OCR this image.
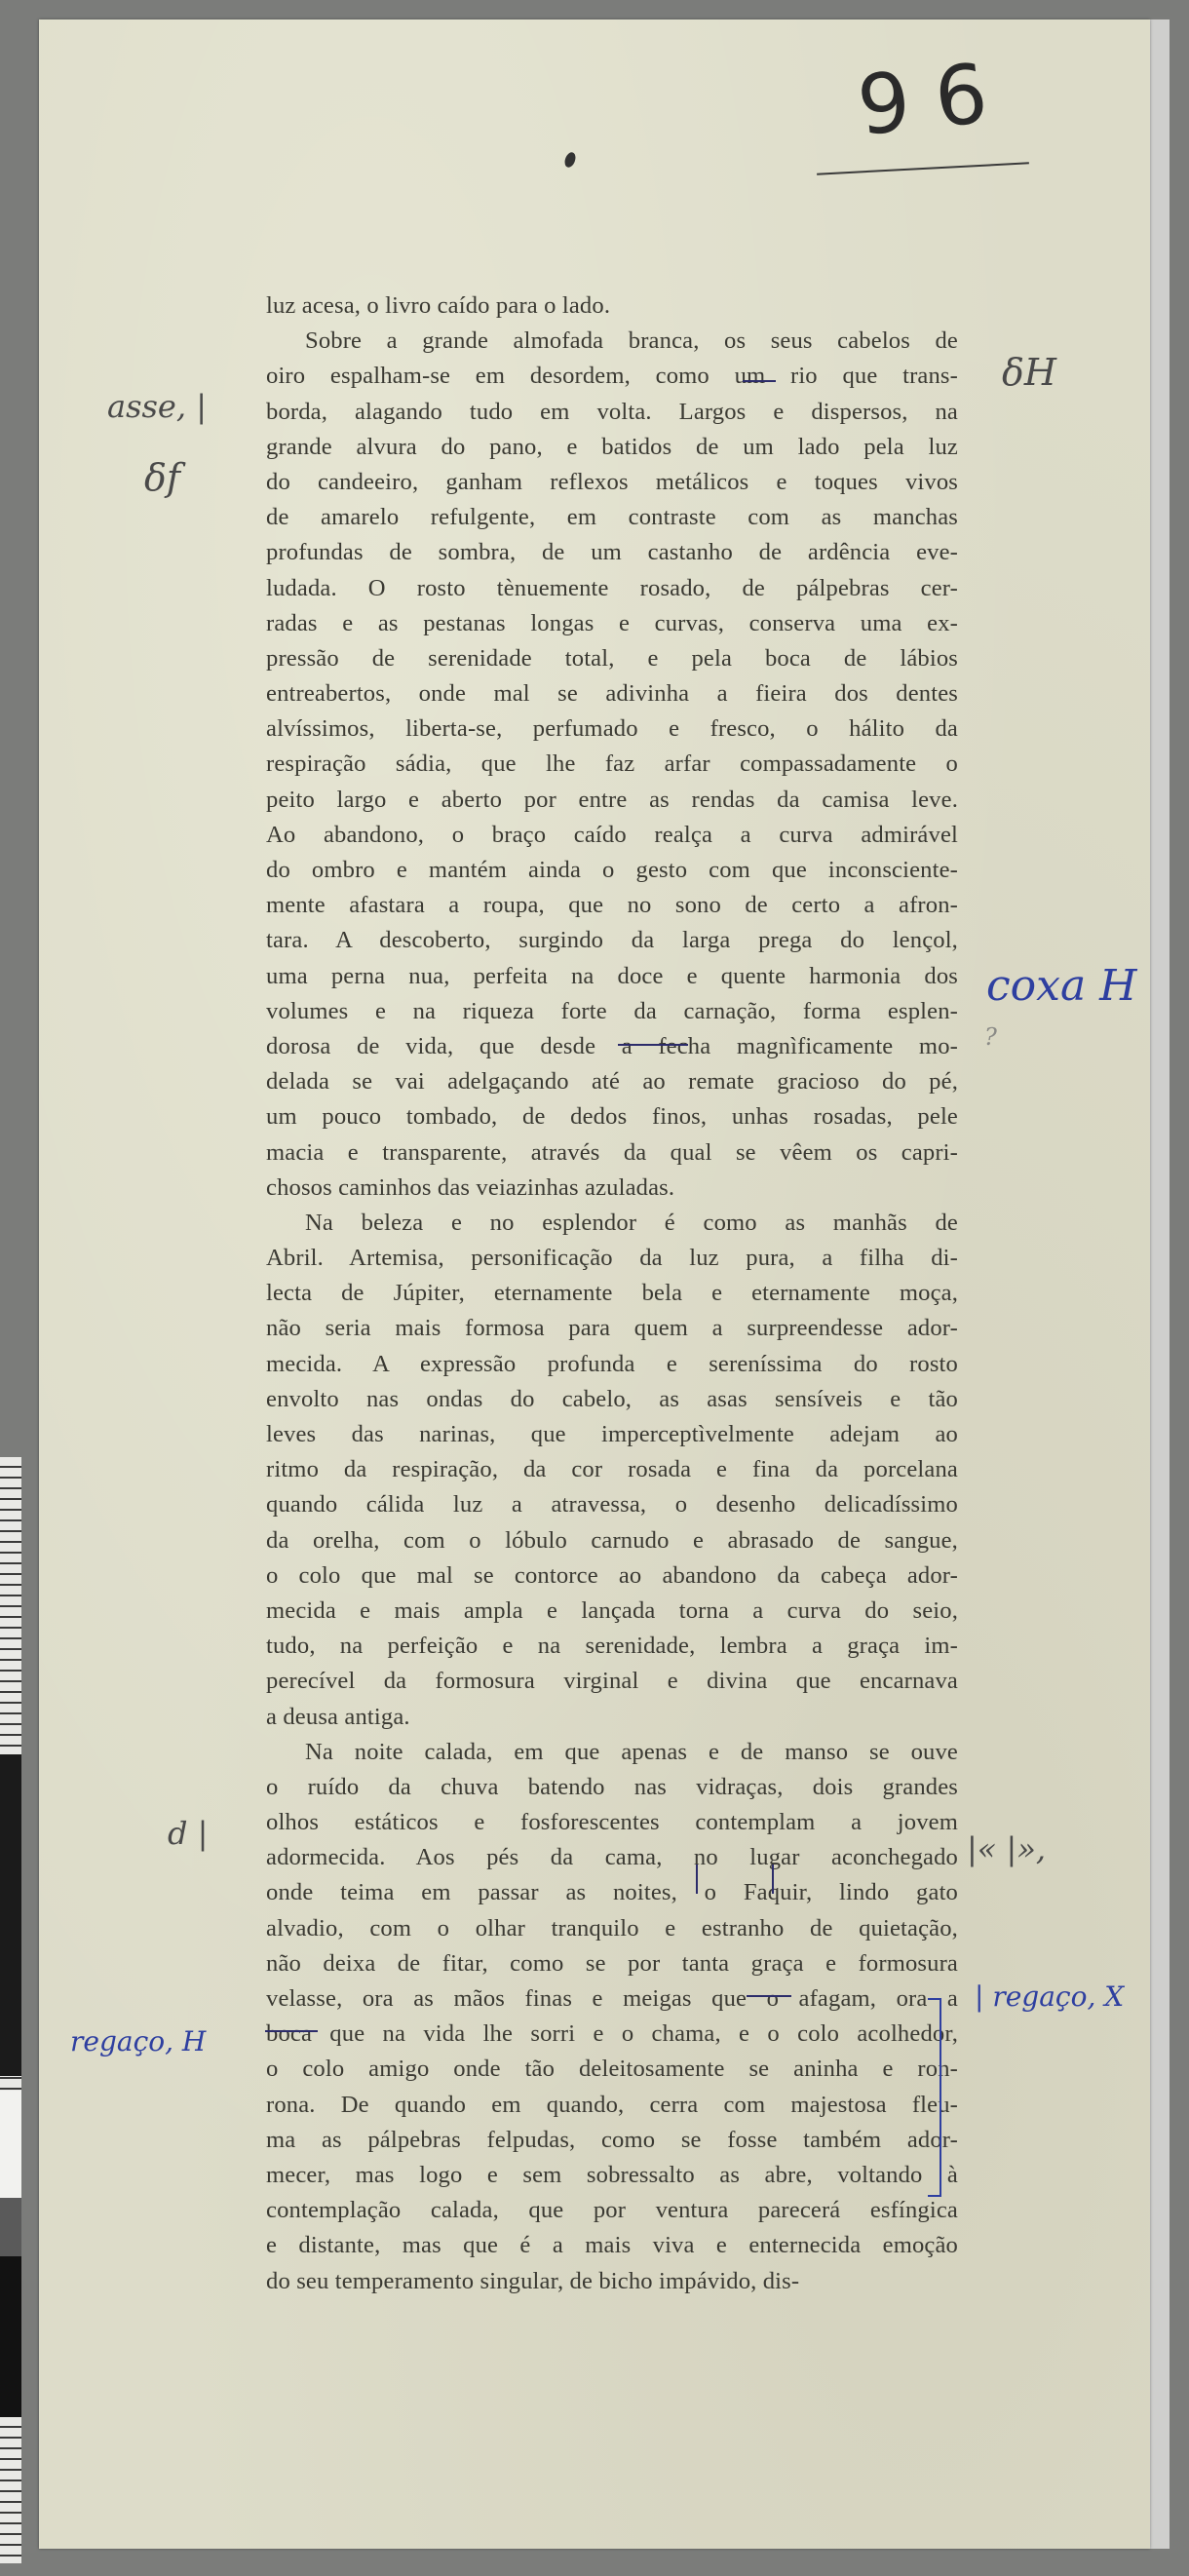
96
luz acesa, o livro caído para o lado.
Sobre a grande almofada branca, os seus cabelos de
oiro espalham-se em desordem, como um rio que trans-
borda, alagando tudo em volta. Largos e dispersos, na
grande alvura do pano, e batidos de um lado pela luz
do candeeiro, ganham reflexos metálicos e toques vivos
de amarelo refulgente, em contraste com as manchas
profundas de sombra, de um castanho de ardência eve-
ludada. O rosto tènuemente rosado, de pálpebras cer-
radas e as pestanas longas e curvas, conserva uma ex-
pressão de serenidade total, e pela boca de lábios
entreabertos, onde mal se adivinha a fieira dos dentes
alvíssimos, liberta-se, perfumado e fresco, o hálito da
respiração sádia, que lhe faz arfar compassadamente o
peito largo e aberto por entre as rendas da camisa leve.
Ao abandono, o braço caído realça a curva admirável
do ombro e mantém ainda o gesto com que inconsciente-
mente afastara a roupa, que no sono de certo a afron-
tara. A descoberto, surgindo da larga prega do lençol,
uma perna nua, perfeita na doce e quente harmonia dos
volumes e na riqueza forte da carnação, forma esplen-
dorosa de vida, que desde a fecha magnìficamente mo-
delada se vai adelgaçando até ao remate gracioso do pé,
um pouco tombado, de dedos finos, unhas rosadas, pele
macia e transparente, através da qual se vêem os capri-
chosos caminhos das veiazinhas azuladas.
Na beleza e no esplendor é como as manhãs de
Abril. Artemisa, personificação da luz pura, a filha di-
lecta de Júpiter, eternamente bela e eternamente moça,
não seria mais formosa para quem a surpreendesse ador-
mecida. A expressão profunda e sereníssima do rosto
envolto nas ondas do cabelo, as asas sensíveis e tão
leves das narinas, que imperceptìvelmente adejam ao
ritmo da respiração, da cor rosada e fina da porcelana
quando cálida luz a atravessa, o desenho delicadíssimo
da orelha, com o lóbulo carnudo e abrasado de sangue,
o colo que mal se contorce ao abandono da cabeça ador-
mecida e mais ampla e lançada torna a curva do seio,
tudo, na perfeição e na serenidade, lembra a graça im-
perecível da formosura virginal e divina que encarnava
a deusa antiga.
Na noite calada, em que apenas e de manso se ouve
o ruído da chuva batendo nas vidraças, dois grandes
olhos estáticos e fosforescentes contemplam a jovem
adormecida. Aos pés da cama, no lugar aconchegado
onde teima em passar as noites, o Faquir, lindo gato
alvadio, com o olhar tranquilo e estranho de quietação,
não deixa de fitar, como se por tanta graça e formosura
velasse, ora as mãos finas e meigas que o afagam, ora a
boca que na vida lhe sorri e o chama, e o colo acolhedor,
o colo amigo onde tão deleitosamente se aninha e ron-
rona. De quando em quando, cerra com majestosa fleu-
ma as pálpebras felpudas, como se fosse também ador-
mecer, mas logo e sem sobressalto as abre, voltando à
contemplação calada, que por ventura parecerá esfíngica
e distante, mas que é a mais viva e enternecida emoção
do seu temperamento singular, de bicho impávido, dis-
asse, |
δf
δH
coxa H
?
d |	|« |»,
| regaço, X
regaço, H
